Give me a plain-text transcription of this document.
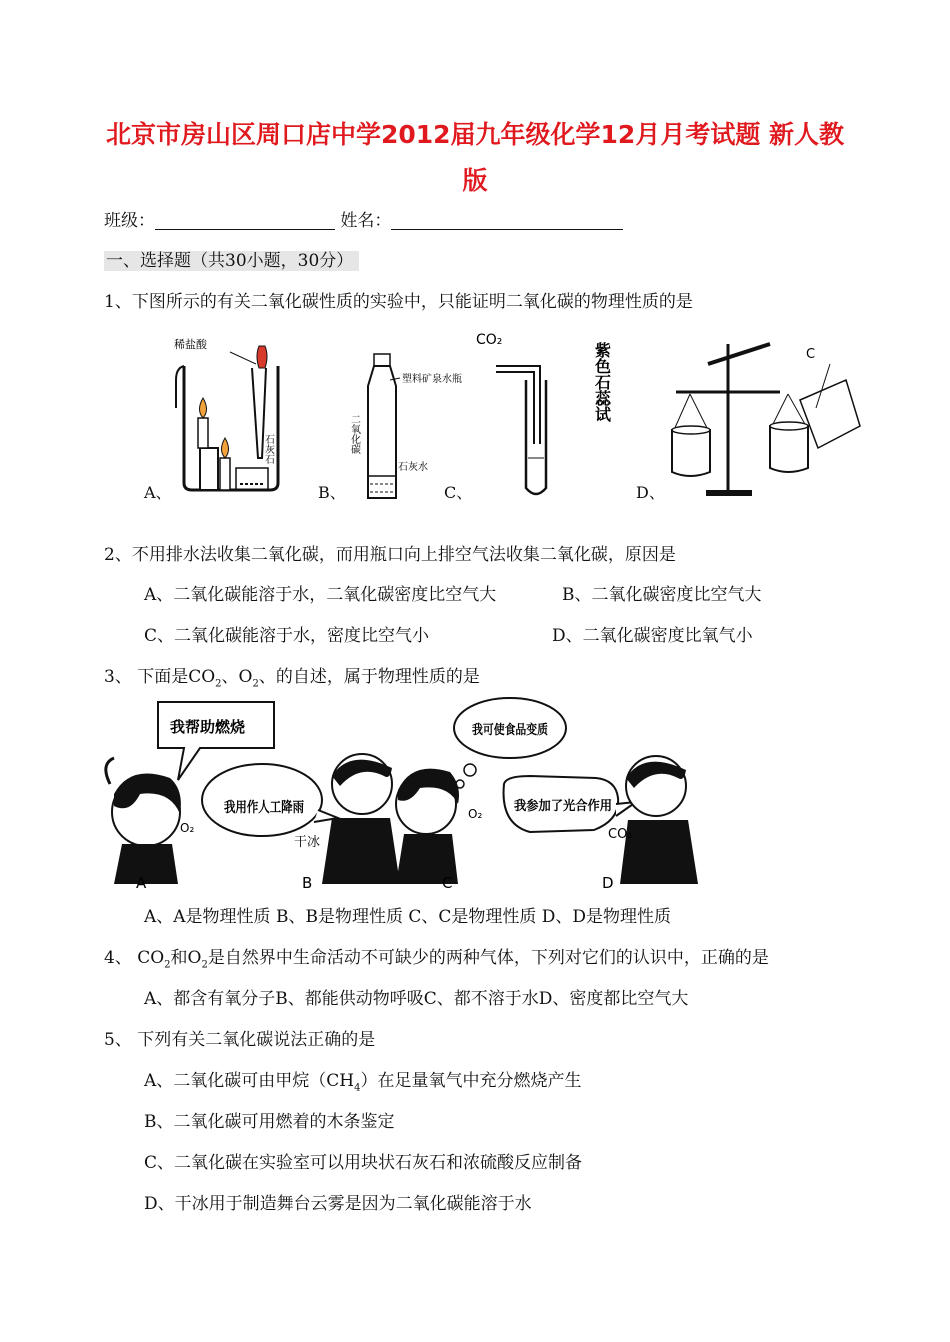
北京市房山区周口店中学2012届九年级化学12月月考试题 新人教版
班级：	姓名：
一、选择题（共30小题，30分）
1、下图所示的有关二氧化碳性质的实验中，只能证明二氧化碳的物理性质的是
A、	B、	C、	D、
稀盐酸
石灰石
塑料矿泉水瓶
二氧化碳
石灰水
CO₂
紫色石蕊试	C
2、不用排水法收集二氧化碳，而用瓶口向上排空气法收集二氧化碳，原因是
A、二氧化碳能溶于水，二氧化碳密度比空气大	B、二氧化碳密度比空气大
C、二氧化碳能溶于水，密度比空气小	D、二氧化碳密度比氧气小
3、 下面是$CO_2$、$O_2$、的自述，属于物理性质的是
我帮助燃烧
O₂
我用作人工降雨
干冰
我可使食品变质
O₂ 我参加了光合作用
CO₂
A	B	C	D
A、A是物理性质 B、B是物理性质 C、C是物理性质 D、D是物理性质
4、 $CO_2$和$O_2$是自然界中生命活动不可缺少的两种气体，下列对它们的认识中，正确的是
A、都含有氧分子B、都能供动物呼吸C、都不溶于水D、密度都比空气大
5、 下列有关二氧化碳说法正确的是
A、二氧化碳可由甲烷$(CH_4)$在足量氧气中充分燃烧产生
B、二氧化碳可用燃着的木条鉴定
C、二氧化碳在实验室可以用块状石灰石和浓硫酸反应制备
D、干冰用于制造舞台云雾是因为二氧化碳能溶于水
